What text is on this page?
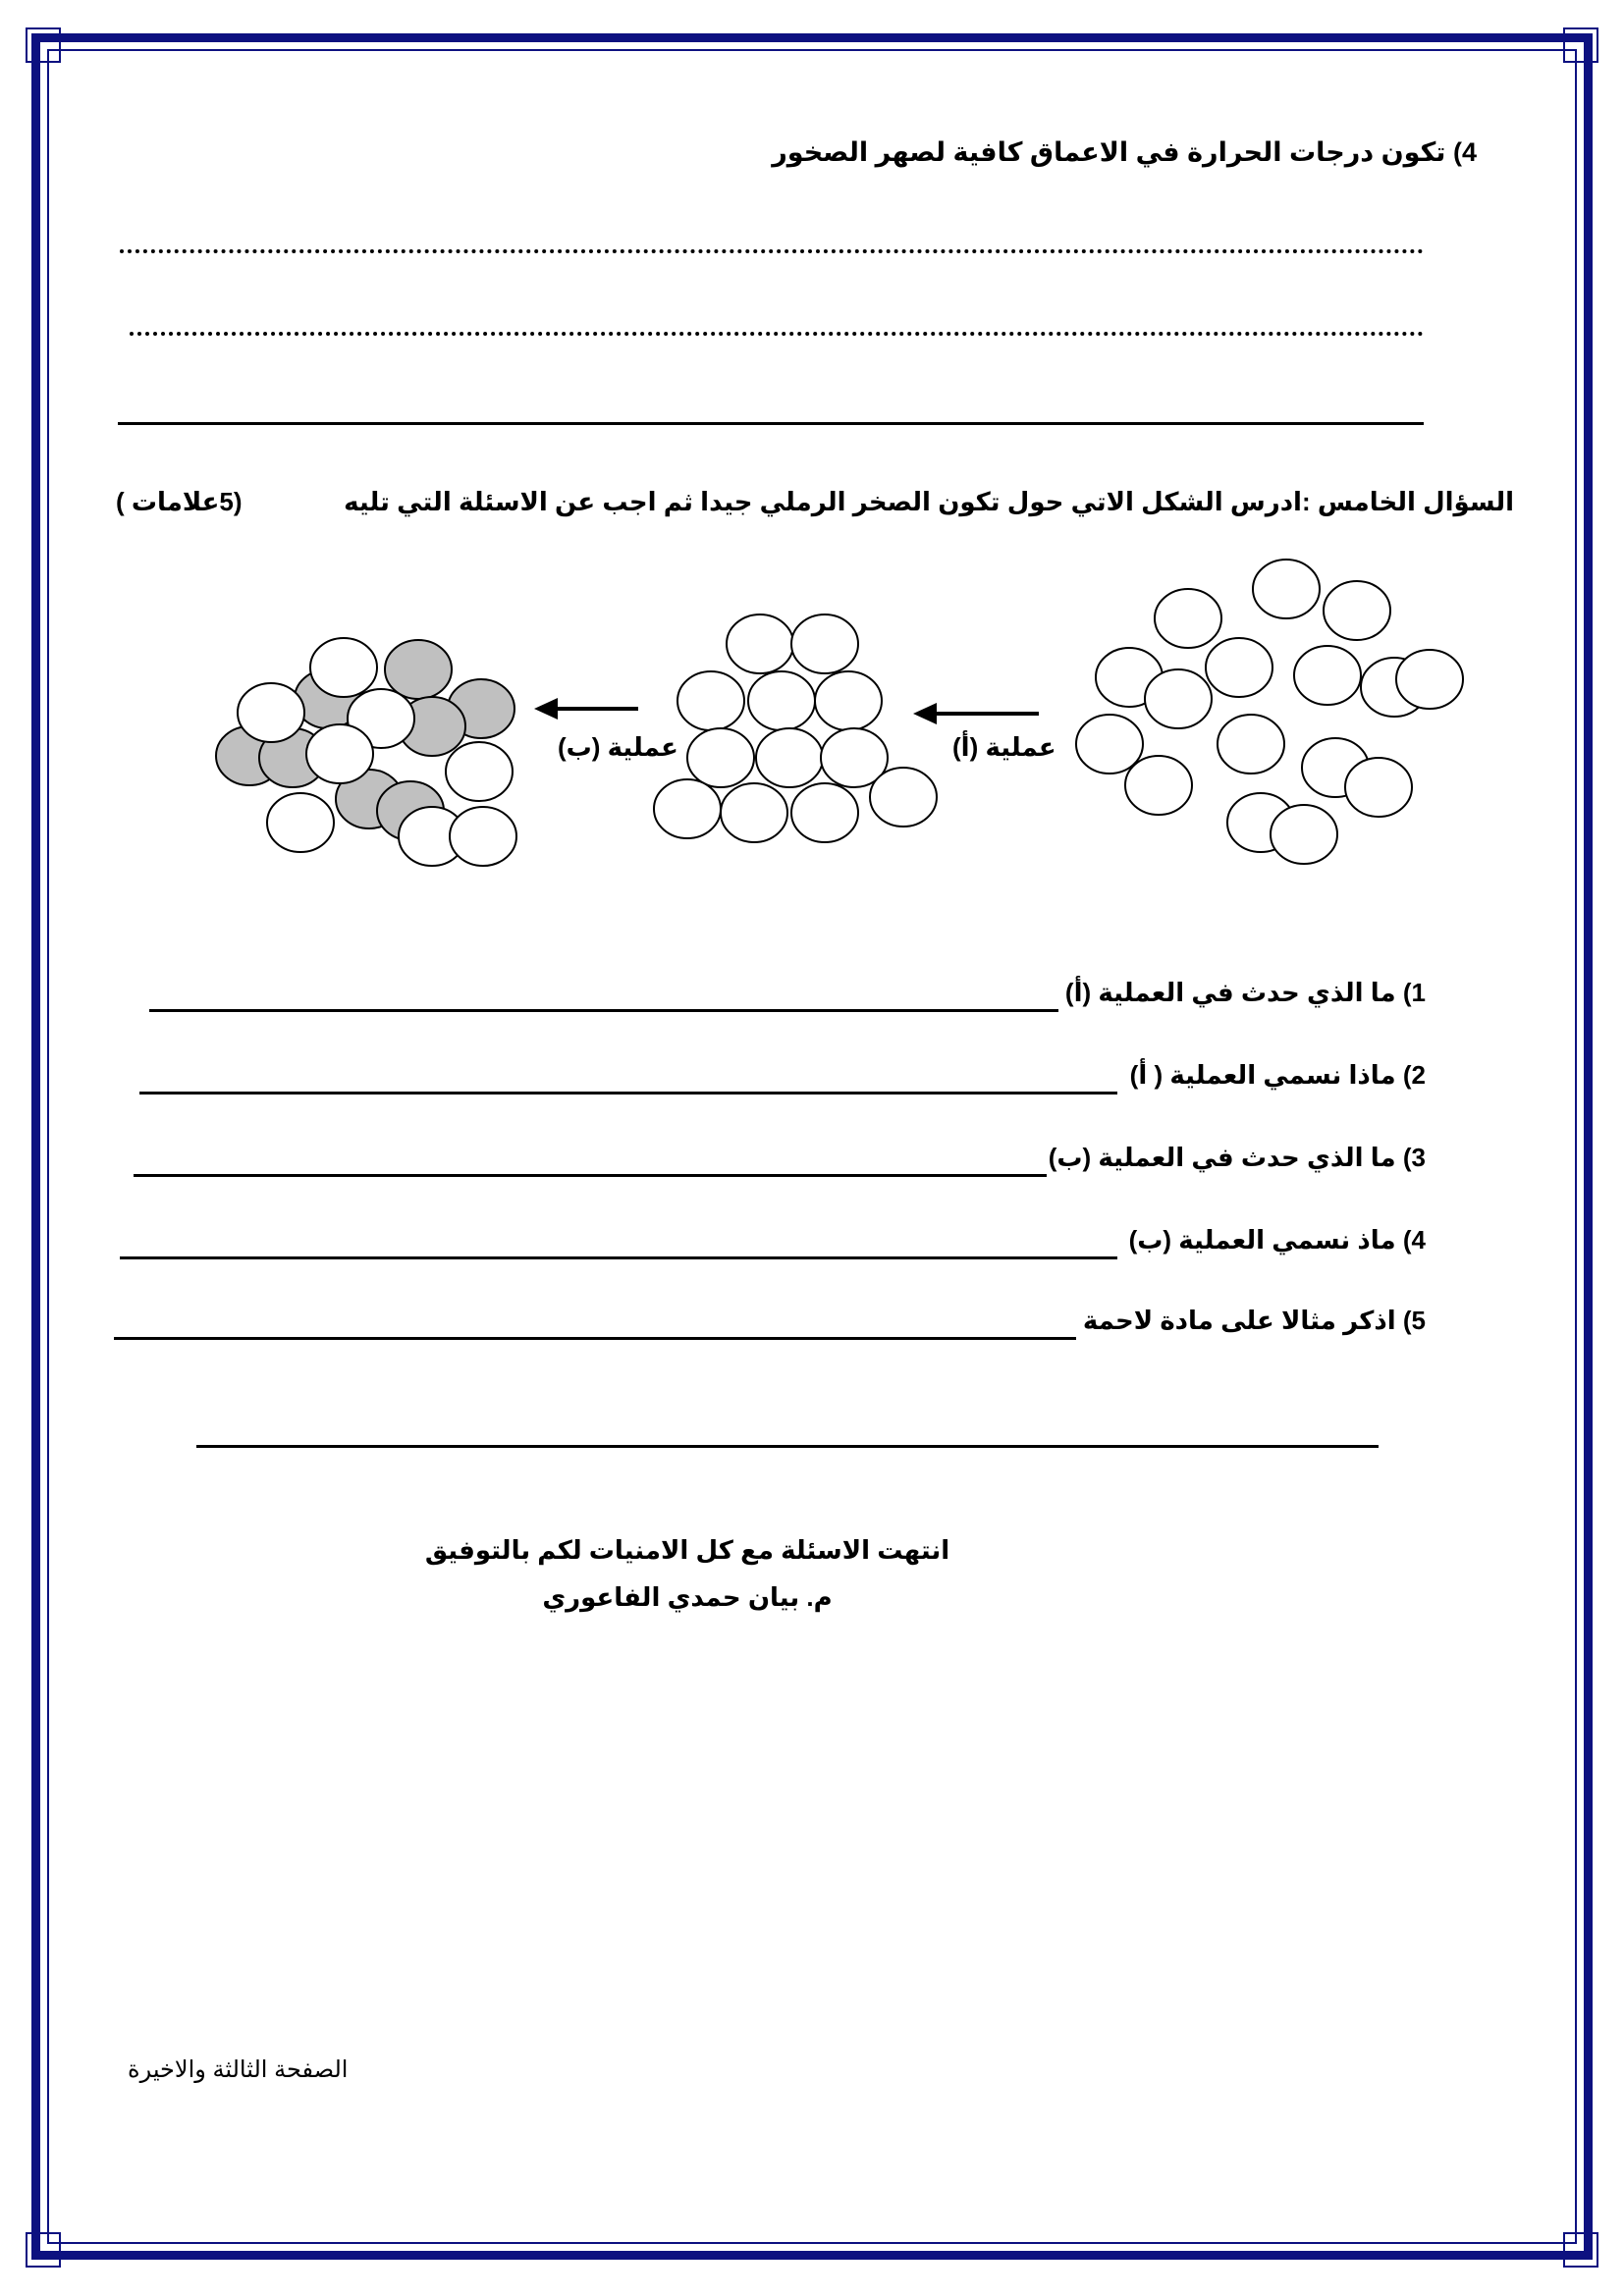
4) تكون درجات الحرارة في الاعماق كافية لصهر الصخور
السؤال الخامس :ادرس الشكل الاتي حول تكون الصخر الرملي جيدا ثم اجب عن الاسئلة التي تليه
(5علامات )
عملية (أ)
عملية (ب)
1) ما الذي حدث في العملية (أ)
2) ماذا نسمي العملية ( أ)
3) ما الذي حدث في العملية (ب)
4) ماذ نسمي العملية (ب)
5) اذكر مثالا على مادة لاحمة
انتهت الاسئلة مع كل الامنيات لكم بالتوفيق
م. بيان حمدي الفاعوري
الصفحة الثالثة والاخيرة
